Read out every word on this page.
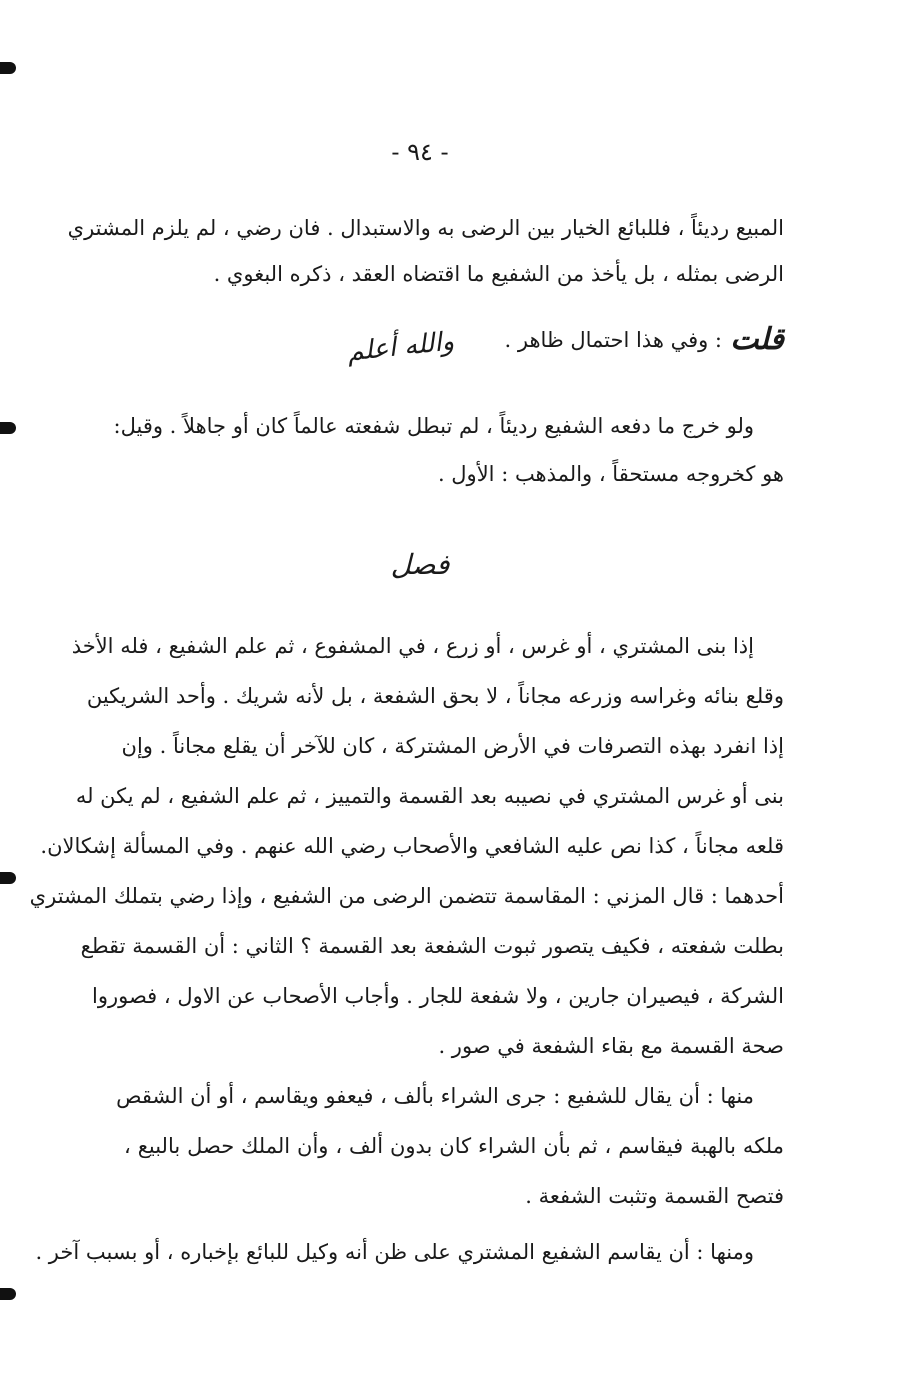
- ٩٤ -
المبيع رديئاً ، فللبائع الخيار بين الرضى به والاستبدال . فان رضي ، لم يلزم المشتري
الرضى بمثله ، بل يأخذ من الشفيع ما اقتضاه العقد ، ذكره البغوي .
قلت
: وفي هذا احتمال ظاهر .
والله أعلم
ولو خرج ما دفعه الشفيع رديئاً ، لم تبطل شفعته عالماً كان أو جاهلاً . وقيل:
هو كخروجه مستحقاً ، والمذهب : الأول .
فصل
إذا بنى المشتري ، أو غرس ، أو زرع ، في المشفوع ، ثم علم الشفيع ، فله الأخذ
وقلع بنائه وغراسه وزرعه مجاناً ، لا بحق الشفعة ، بل لأنه شريك . وأحد الشريكين
إذا انفرد بهذه التصرفات في الأرض المشتركة ، كان للآخر أن يقلع مجاناً . وإن
بنى أو غرس المشتري في نصيبه بعد القسمة والتمييز ، ثم علم الشفيع ، لم يكن له
قلعه مجاناً ، كذا نص عليه الشافعي والأصحاب رضي الله عنهم . وفي المسألة إشكالان.
أحدهما : قال المزني : المقاسمة تتضمن الرضى من الشفيع ، وإذا رضي بتملك المشتري
بطلت شفعته ، فكيف يتصور ثبوت الشفعة بعد القسمة ؟ الثاني : أن القسمة تقطع
الشركة ، فيصيران جارين ، ولا شفعة للجار . وأجاب الأصحاب عن الاول ، فصوروا
صحة القسمة مع بقاء الشفعة في صور .
منها : أن يقال للشفيع : جرى الشراء بألف ، فيعفو ويقاسم ، أو أن الشقص
ملكه بالهبة فيقاسم ، ثم بأن الشراء كان بدون ألف ، وأن الملك حصل بالبيع ،
فتصح القسمة وتثبت الشفعة .
ومنها : أن يقاسم الشفيع المشتري على ظن أنه وكيل للبائع بإخباره ، أو بسبب آخر .
